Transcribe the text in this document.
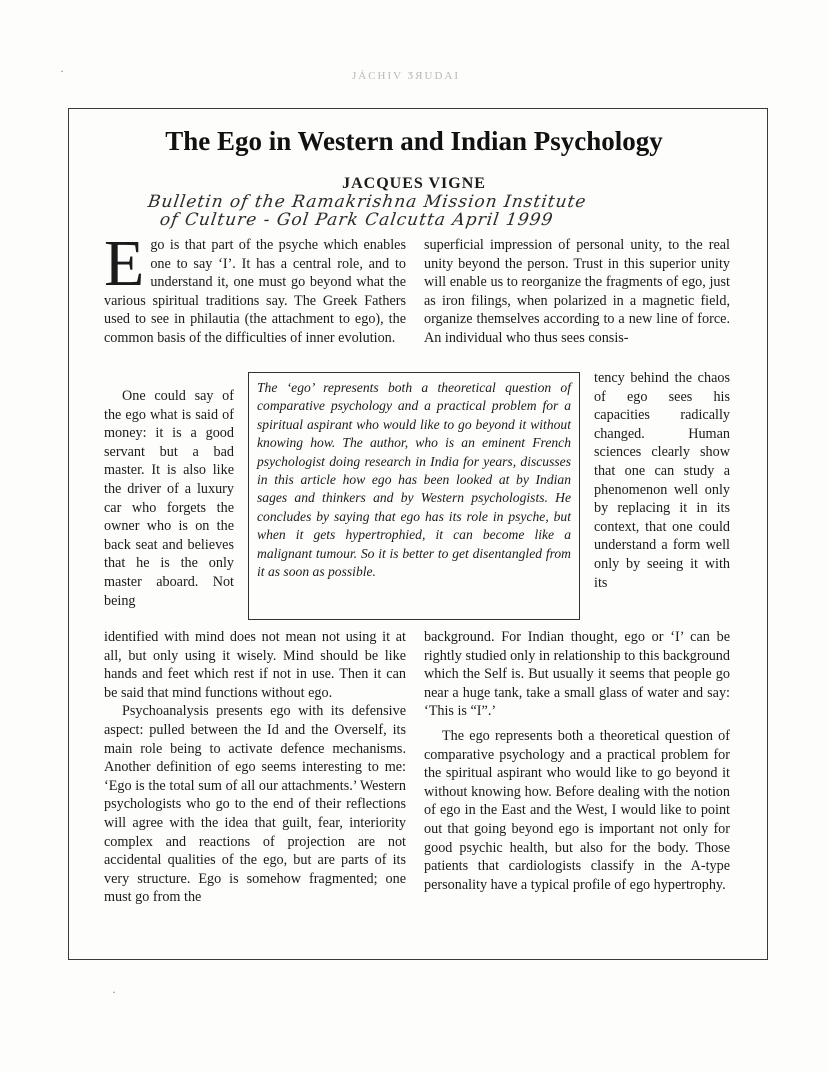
JÁCHIV ӠЯUDAI
·
·
The Ego in Western and Indian Psychology
JACQUES VIGNE
Bulletin of the Ramakrishna Mission Institute
of Culture - Gol Park Calcutta April 1999

Ego is that part of the psyche which enables one to say ‘I’. It has a central role, and to understand it, one must go beyond what the various spiritual traditions say. The Greek Fathers used to see in philautia (the attachment to ego), the common basis of the difficulties of inner evolution.

One could say of the ego what is said of money: it is a good servant but a bad master. It is also like the driver of a luxury car who forgets the owner who is on the back seat and believes that he is the only master aboard. Not being

The ‘ego’ represents both a theoretical question of comparative psychology and a practical problem for a spiritual aspirant who would like to go beyond it without knowing how. The author, who is an eminent French psychologist doing research in India for years, discusses in this article how ego has been looked at by Indian sages and thinkers and by Western psychologists. He concludes by saying that ego has its role in psyche, but when it gets hypertrophied, it can become like a malignant tumour. So it is better to get disentangled from it as soon as possible.

identified with mind does not mean not using it at all, but only using it wisely. Mind should be like hands and feet which rest if not in use. Then it can be said that mind functions without ego.

Psychoanalysis presents ego with its defensive aspect: pulled between the Id and the Overself, its main role being to activate defence mechanisms. Another definition of ego seems interesting to me: ‘Ego is the total sum of all our attachments.’ Western psychologists who go to the end of their reflections will agree with the idea that guilt, fear, interiority complex and reactions of projection are not accidental qualities of the ego, but are parts of its very structure. Ego is somehow fragmented; one must go from the

superficial impression of personal unity, to the real unity beyond the person. Trust in this superior unity will enable us to reorganize the fragments of ego, just as iron filings, when polarized in a magnetic field, organize themselves according to a new line of force. An individual who thus sees consis-

tency behind the chaos of ego sees his capacities radically changed. Human sciences clearly show that one can study a phenomenon well only by replacing it in its context, that one could understand a form well only by seeing it with its

background. For Indian thought, ego or ‘I’ can be rightly studied only in relationship to this background which the Self is. But usually it seems that people go near a huge tank, take a small glass of water and say: ‘This is “I”.’

The ego represents both a theoretical question of comparative psychology and a practical problem for the spiritual aspirant who would like to go beyond it without knowing how. Before dealing with the notion of ego in the East and the West, I would like to point out that going beyond ego is important not only for good psychic health, but also for the body. Those patients that cardiologists classify in the A-type personality have a typical profile of ego hypertrophy.
